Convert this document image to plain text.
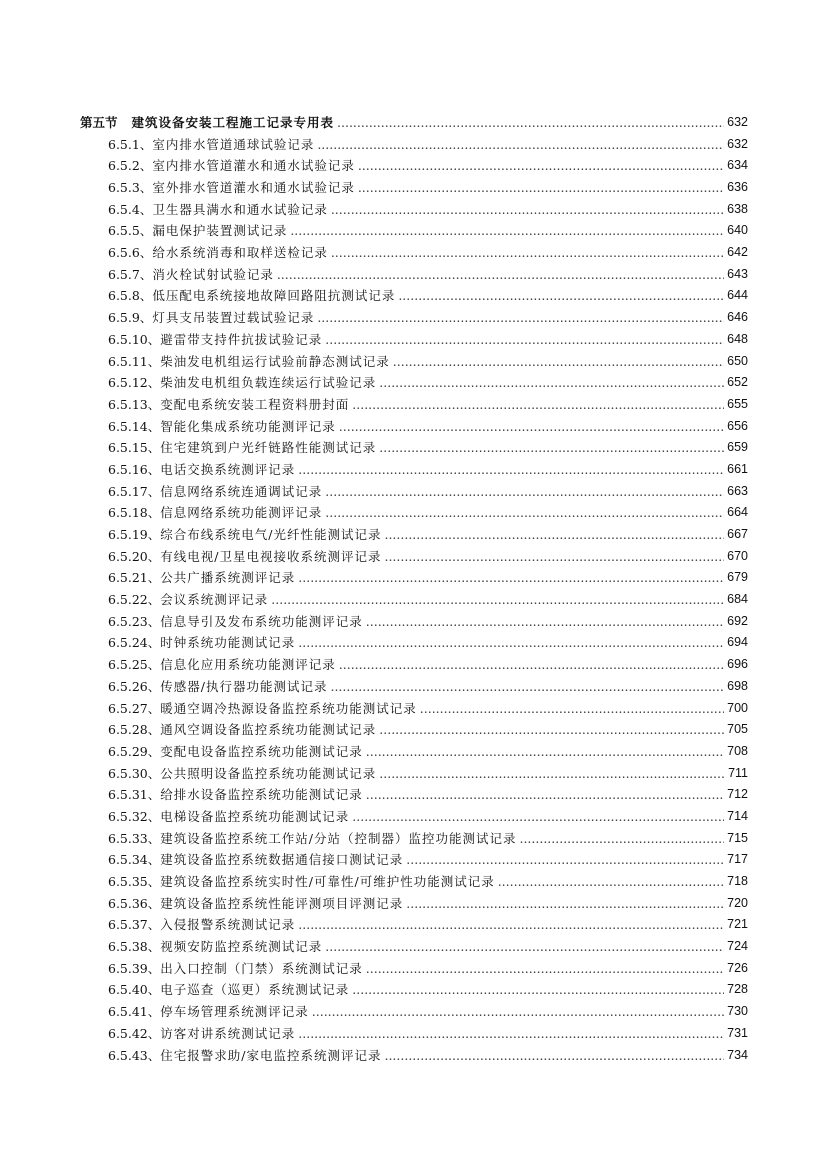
第五节 建筑设备安装工程施工记录专用表 .....	632
6.5.1、 室内排水管道通球试验记录 .....	632
6.5.2、 室内排水管道灌水和通水试验记录 .....	634
6.5.3、 室外排水管道灌水和通水试验记录 .....	636
6.5.4、 卫生器具满水和通水试验记录 .....	638
6.5.5、 漏电保护装置测试记录 .....	640
6.5.6、 给水系统消毒和取样送检记录 .....	642
6.5.7、 消火栓试射试验记录 .....	643
6.5.8、 低压配电系统接地故障回路阻抗测试记录 .....	644
6.5.9、 灯具支吊装置过载试验记录 .....	646
6.5.10、 避雷带支持件抗拔试验记录 .....	648
6.5.11、 柴油发电机组运行试验前静态测试记录 .....	650
6.5.12、 柴油发电机组负载连续运行试验记录 .....	652
6.5.13、 变配电系统安装工程资料册封面 .....	655
6.5.14、 智能化集成系统功能测评记录 .....	656
6.5.15、 住宅建筑到户光纤链路性能测试记录 .....	659
6.5.16、 电话交换系统测评记录 .....	661
6.5.17、 信息网络系统连通调试记录 .....	663
6.5.18、 信息网络系统功能测评记录 .....	664
6.5.19、 综合布线系统电气/光纤性能测试记录 .....	667
6.5.20、 有线电视/卫星电视接收系统测评记录 .....	670
6.5.21、 公共广播系统测评记录 .....	679
6.5.22、 会议系统测评记录 .....	684
6.5.23、 信息导引及发布系统功能测评记录 .....	692
6.5.24、 时钟系统功能测试记录 .....	694
6.5.25、 信息化应用系统功能测评记录 .....	696
6.5.26、 传感器/执行器功能测试记录 .....	698
6.5.27、 暖通空调冷热源设备监控系统功能测试记录 .....	700
6.5.28、 通风空调设备监控系统功能测试记录 .....	705
6.5.29、 变配电设备监控系统功能测试记录 .....	708
6.5.30、 公共照明设备监控系统功能测试记录 .....	711
6.5.31、 给排水设备监控系统功能测试记录 .....	712
6.5.32、 电梯设备监控系统功能测试记录 .....	714
6.5.33、 建筑设备监控系统工作站/分站（控制器）监控功能测试记录 .....	715
6.5.34、 建筑设备监控系统数据通信接口测试记录 .....	717
6.5.35、 建筑设备监控系统实时性/可靠性/可维护性功能测试记录 .....	718
6.5.36、 建筑设备监控系统性能评测项目评测记录 .....	720
6.5.37、 入侵报警系统测试记录 .....	721
6.5.38、 视频安防监控系统测试记录 .....	724
6.5.39、 出入口控制（门禁）系统测试记录 .....	726
6.5.40、 电子巡查（巡更）系统测试记录 .....	728
6.5.41、 停车场管理系统测评记录 .....	730
6.5.42、 访客对讲系统测试记录 .....	731
6.5.43、 住宅报警求助/家电监控系统测评记录 .....	734
